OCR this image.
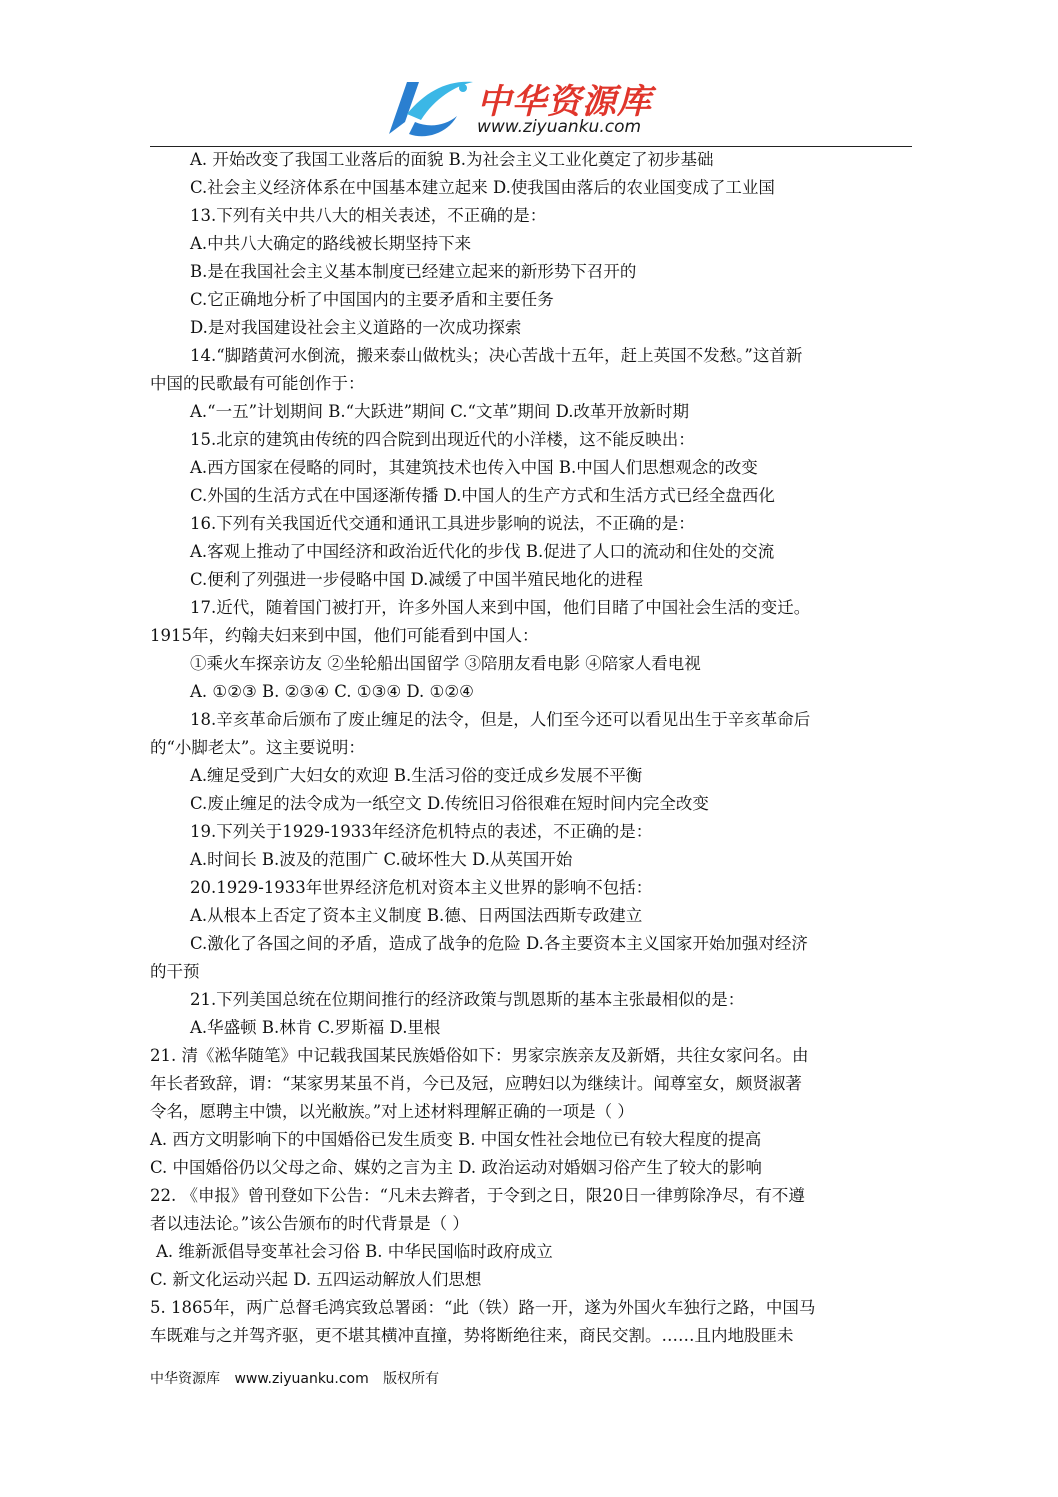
中华资源库
www.ziyuanku.com
A. 开始改变了我国工业落后的面貌 B.为社会主义工业化奠定了初步基础
C.社会主义经济体系在中国基本建立起来 D.使我国由落后的农业国变成了工业国
13.下列有关中共八大的相关表述，不正确的是：
A.中共八大确定的路线被长期坚持下来
B.是在我国社会主义基本制度已经建立起来的新形势下召开的
C.它正确地分析了中国国内的主要矛盾和主要任务
D.是对我国建设社会主义道路的一次成功探索
14.“脚踏黄河水倒流，搬来泰山做枕头；决心苦战十五年，赶上英国不发愁。”这首新
中国的民歌最有可能创作于：
A.“一五”计划期间 B.“大跃进”期间 C.“文革”期间 D.改革开放新时期
15.北京的建筑由传统的四合院到出现近代的小洋楼，这不能反映出：
A.西方国家在侵略的同时，其建筑技术也传入中国 B.中国人们思想观念的改变
C.外国的生活方式在中国逐渐传播 D.中国人的生产方式和生活方式已经全盘西化
16.下列有关我国近代交通和通讯工具进步影响的说法，不正确的是：
A.客观上推动了中国经济和政治近代化的步伐 B.促进了人口的流动和住处的交流
C.便利了列强进一步侵略中国 D.减缓了中国半殖民地化的进程
17.近代，随着国门被打开，许多外国人来到中国，他们目睹了中国社会生活的变迁。
1915年，约翰夫妇来到中国，他们可能看到中国人：
①乘火车探亲访友 ②坐轮船出国留学 ③陪朋友看电影 ④陪家人看电视
A. ①②③ B. ②③④ C. ①③④ D. ①②④
18.辛亥革命后颁布了废止缠足的法令，但是，人们至今还可以看见出生于辛亥革命后
的“小脚老太”。这主要说明：
A.缠足受到广大妇女的欢迎 B.生活习俗的变迁成乡发展不平衡
C.废止缠足的法令成为一纸空文 D.传统旧习俗很难在短时间内完全改变
19.下列关于1929-1933年经济危机特点的表述，不正确的是：
A.时间长 B.波及的范围广 C.破坏性大 D.从英国开始
20.1929-1933年世界经济危机对资本主义世界的影响不包括：
A.从根本上否定了资本主义制度 B.德、日两国法西斯专政建立
C.激化了各国之间的矛盾，造成了战争的危险 D.各主要资本主义国家开始加强对经济
的干预
21.下列美国总统在位期间推行的经济政策与凯恩斯的基本主张最相似的是：
A.华盛顿 B.林肯 C.罗斯福 D.里根
21. 清《淞华随笔》中记载我国某民族婚俗如下：男家宗族亲友及新婿，共往女家问名。由
年长者致辞，谓：“某家男某虽不肖，今已及冠，应聘妇以为继续计。闻尊室女，颇贤淑著
令名，愿聘主中馈，以光敝族。”对上述材料理解正确的一项是（ ）
A. 西方文明影响下的中国婚俗已发生质变 B. 中国女性社会地位已有较大程度的提高
C. 中国婚俗仍以父母之命、媒妁之言为主 D. 政治运动对婚姻习俗产生了较大的影响
22. 《申报》曾刊登如下公告：“凡未去辫者，于令到之日，限20日一律剪除净尽，有不遵
者以违法论。”该公告颁布的时代背景是（ ）
A. 维新派倡导变革社会习俗 B. 中华民国临时政府成立
C. 新文化运动兴起 D. 五四运动解放人们思想
5. 1865年，两广总督毛鸿宾致总署函：“此（铁）路一开，遂为外国火车独行之路，中国马
车既难与之并驾齐驱，更不堪其横冲直撞，势将断绝往来，商民交割。……且内地股匪未
中华资源库 www.ziyuanku.com 版权所有
